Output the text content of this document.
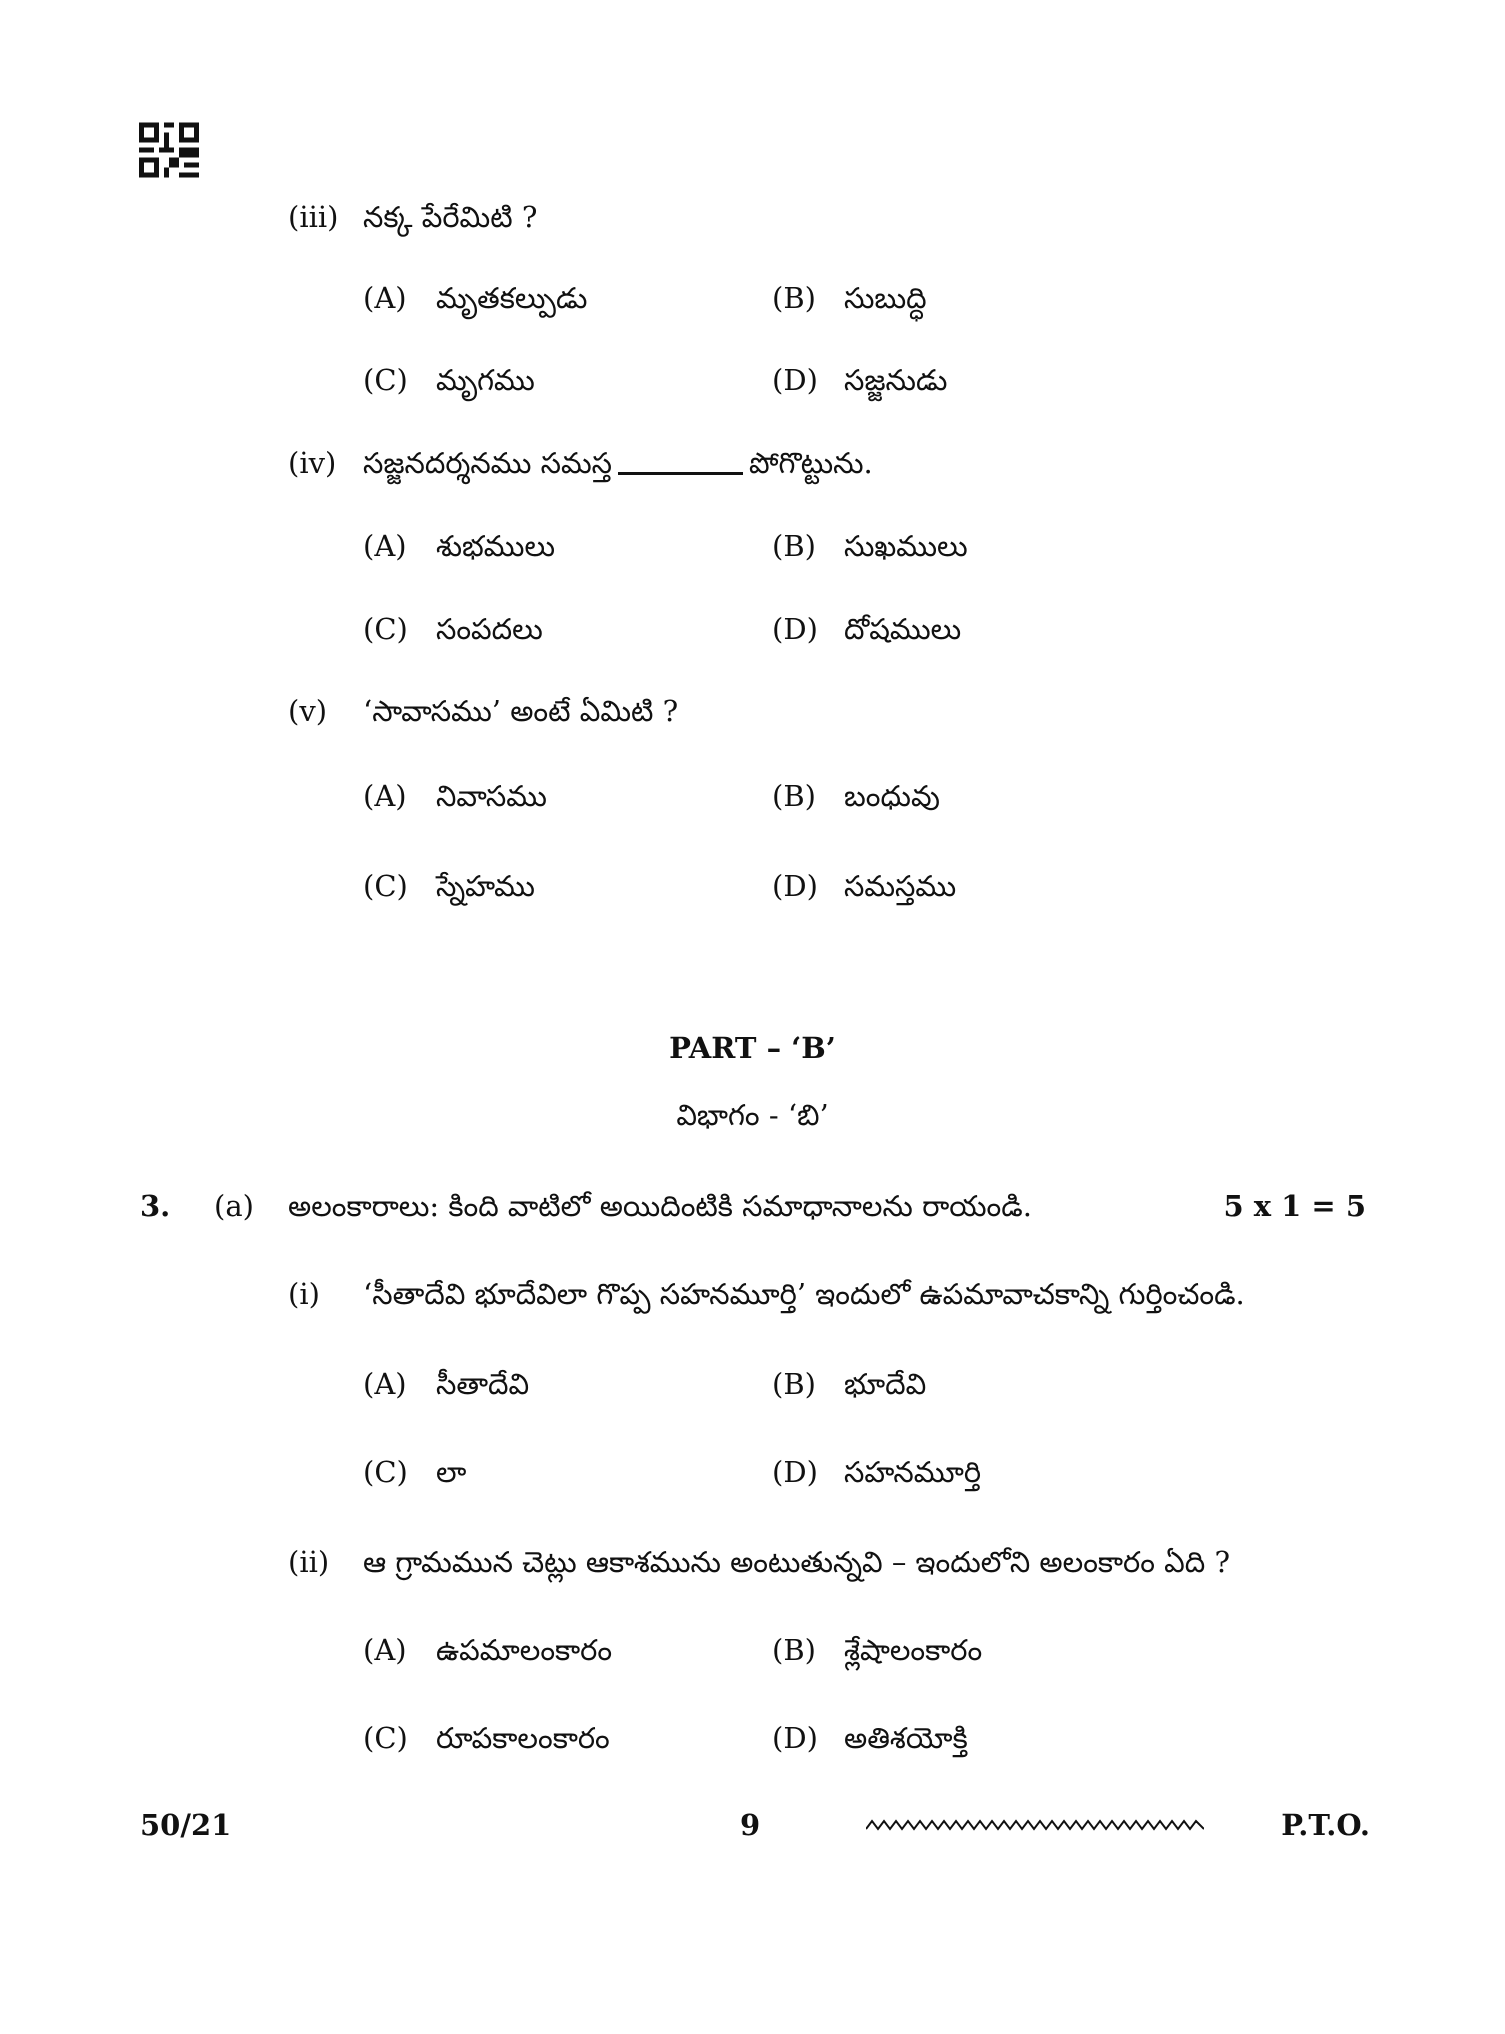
(iii) నక్క పేరేమిటి ?
(A) మృతకల్పుడు	(B) సుబుద్ధి
(C) మృగము	(D) సజ్జనుడు
(iv) సజ్జనదర్శనము సమస్త	పోగొట్టును.
(A) శుభములు	(B) సుఖములు
(C) సంపదలు	(D) దోషములు
(v) ‘సావాసము’ అంటే ఏమిటి ?
(A) నివాసము	(B) బంధువు
(C) స్నేహము	(D) సమస్తము
PART – ‘B’
విభాగం - ‘బి’
3. (a) అలంకారాలు: కింది వాటిలో అయిదింటికి సమాధానాలను రాయండి.	5 x 1 = 5
(i) ‘సీతాదేవి భూదేవిలా గొప్ప సహనమూర్తి’ ఇందులో ఉపమావాచకాన్ని గుర్తించండి.
(A) సీతాదేవి	(B) భూదేవి
(C) లా	(D) సహనమూర్తి
(ii) ఆ గ్రామమున చెట్లు ఆకాశమును అంటుతున్నవి – ఇందులోని అలంకారం ఏది ?
(A) ఉపమాలంకారం	(B) శ్లేషాలంకారం
(C) రూపకాలంకారం	(D) అతిశయోక్తి
50/21	9	P.T.O.
